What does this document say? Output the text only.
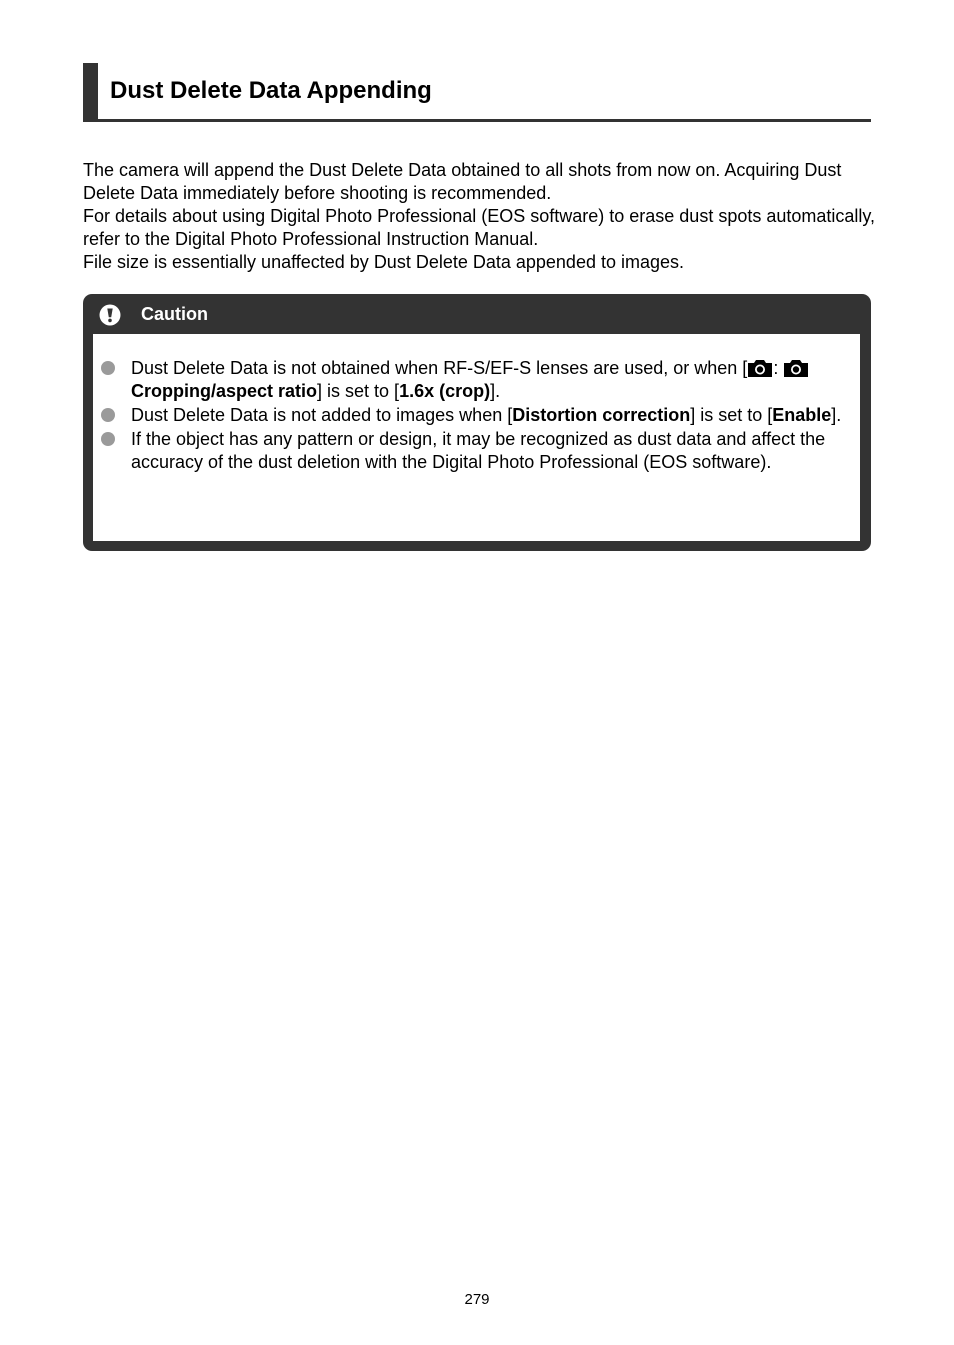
Dust Delete Data Appending

The camera will append the Dust Delete Data obtained to all shots from now on. Acquiring Dust Delete Data immediately before shooting is recommended.

For details about using Digital Photo Professional (EOS software) to erase dust spots automatically, refer to the Digital Photo Professional Instruction Manual.

File size is essentially unaffected by Dust Delete Data appended to images.

Caution
Dust Delete Data is not obtained when RF-S/EF-S lenses are used, or when [ :
Cropping/aspect ratio] is set to [1.6x (crop)].
Dust Delete Data is not added to images when [Distortion correction] is set to [Enable].
If the object has any pattern or design, it may be recognized as dust data and affect the accuracy of the dust deletion with the Digital Photo Professional (EOS software).
279
